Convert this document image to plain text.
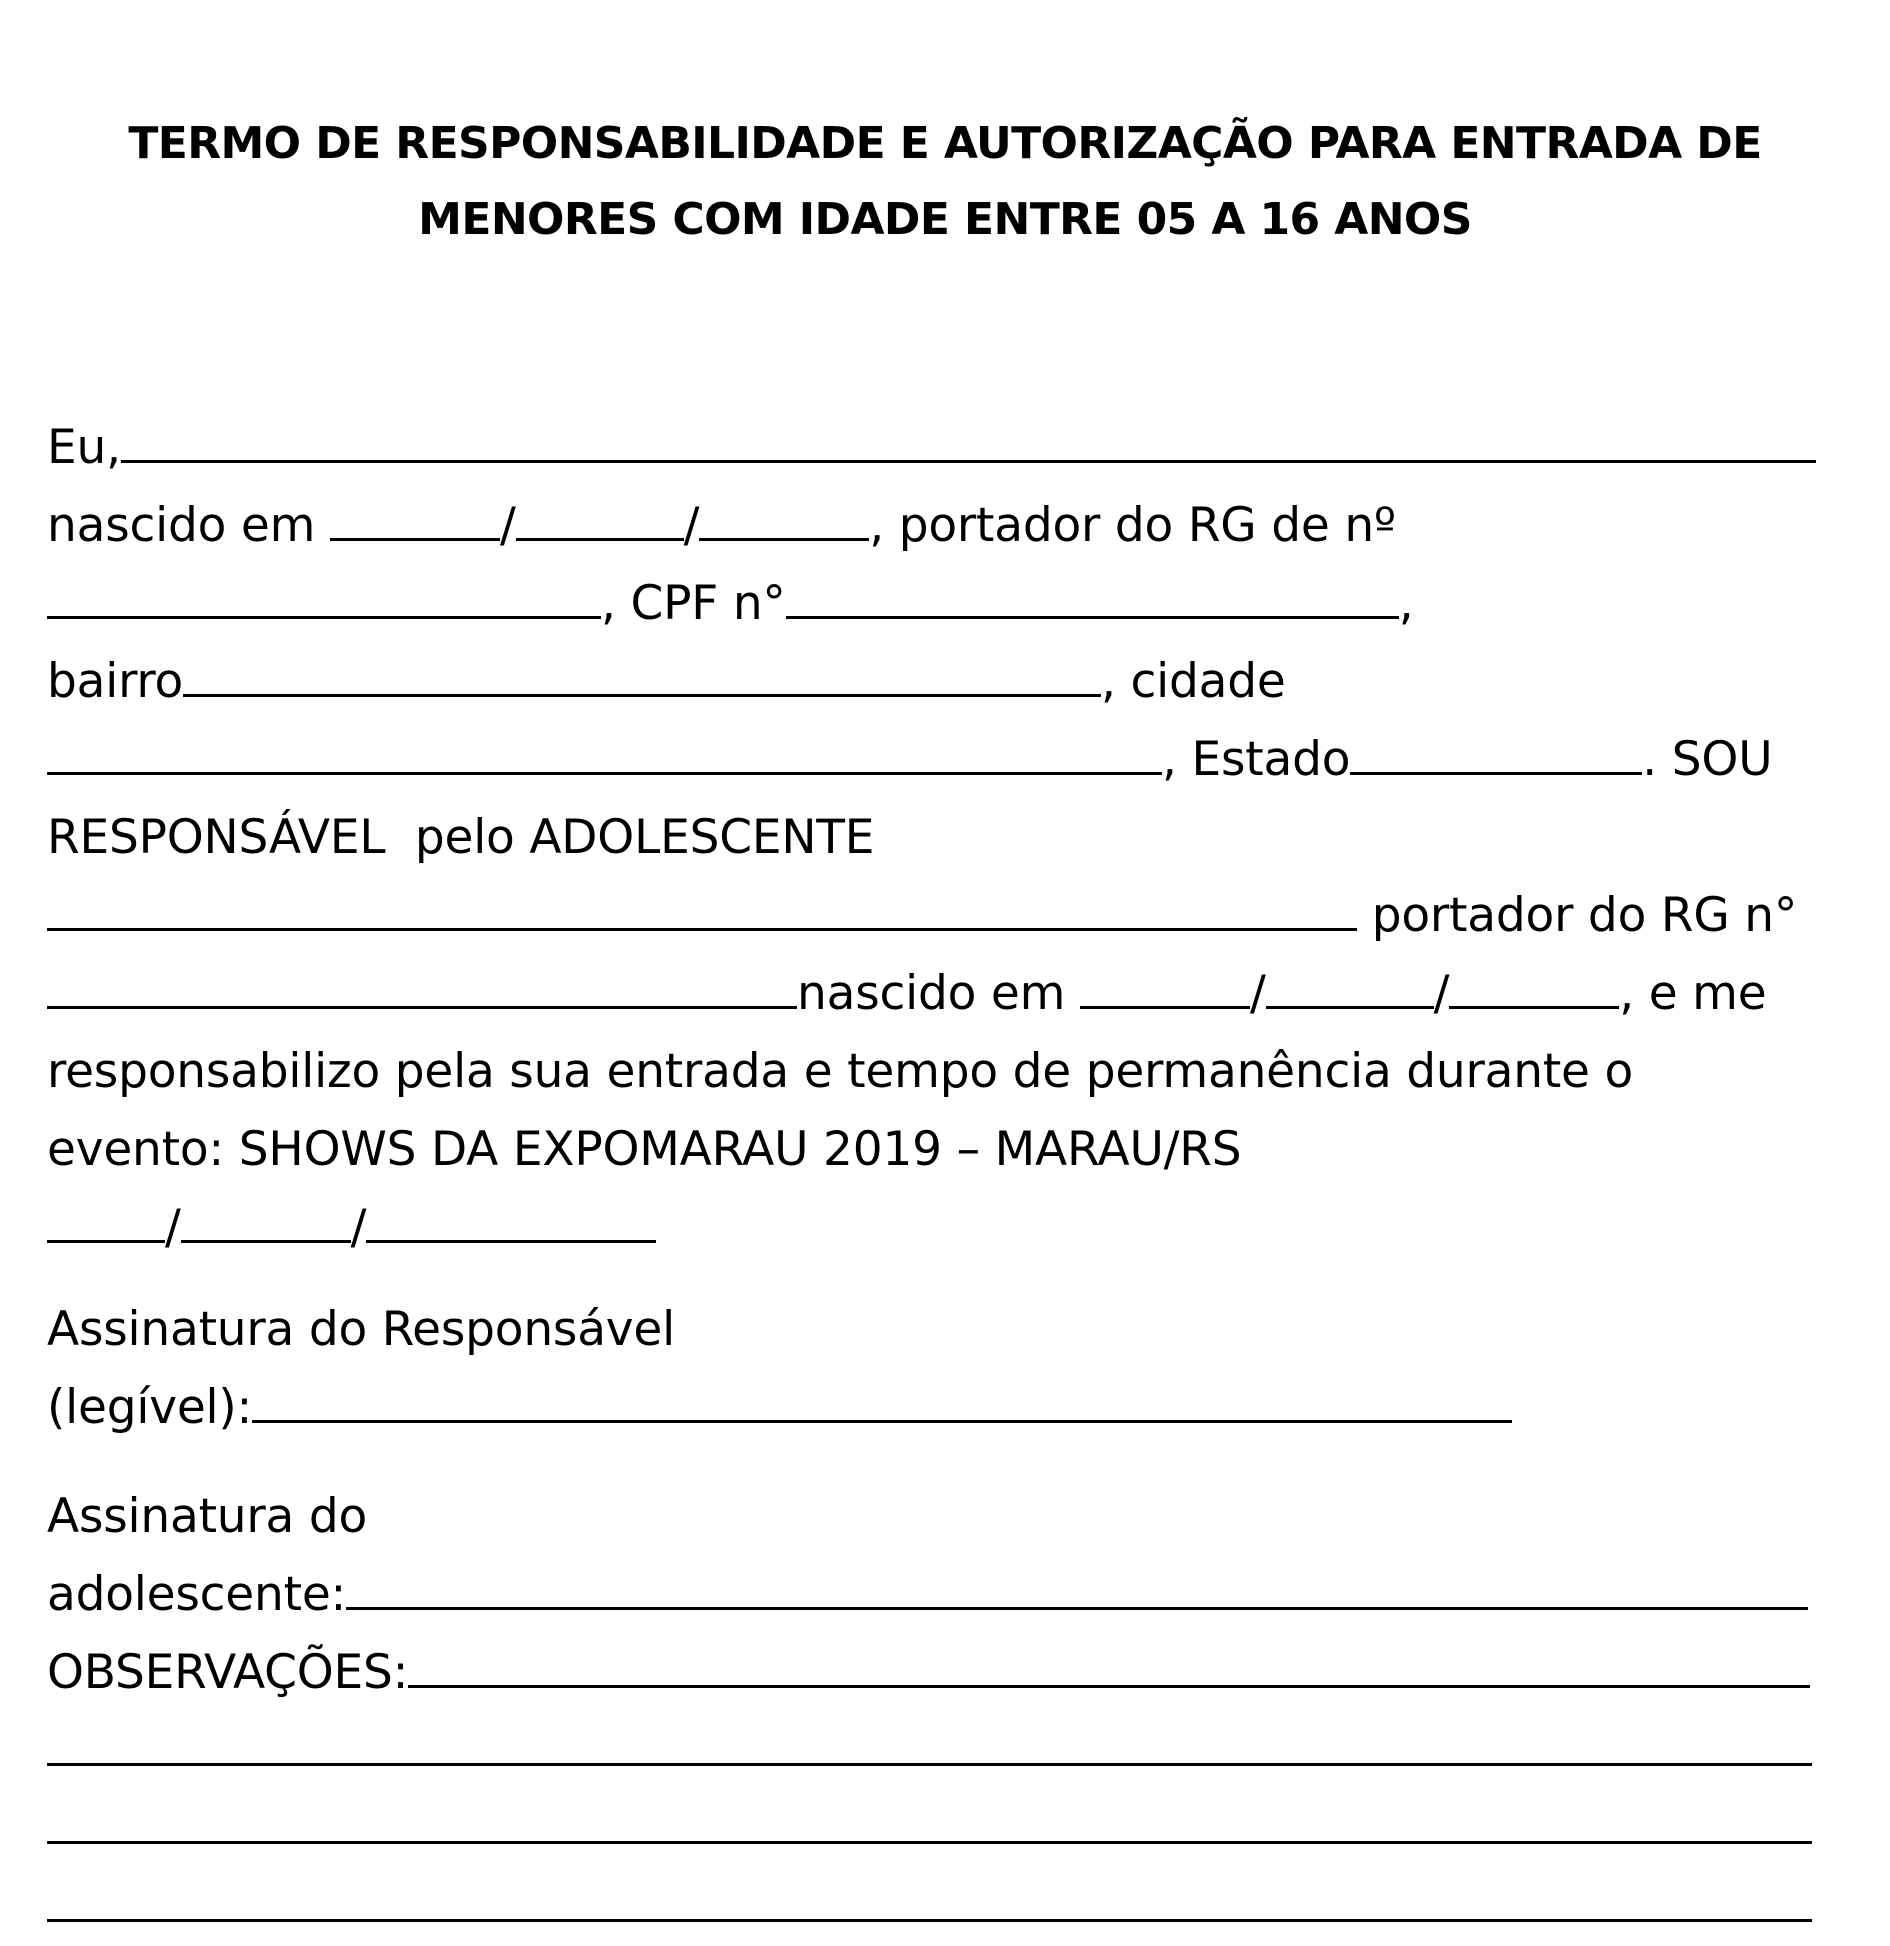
TERMO DE RESPONSABILIDADE E AUTORIZAÇÃO PARA ENTRADA DE
MENORES COM IDADE ENTRE 05 A 16 ANOS
Eu,
nascido em	/	/	, portador do RG de nº
, CPF n°	,
bairro	, cidade
, Estado	. SOU
RESPONSÁVEL  pelo ADOLESCENTE
portador do RG n°
nascido em	/	/	, e me
responsabilizo pela sua entrada e tempo de permanência durante o
evento: SHOWS DA EXPOMARAU 2019 – MARAU/RS
/	/
Assinatura do Responsável
(legível):
Assinatura do
adolescente:
OBSERVAÇÕES:
